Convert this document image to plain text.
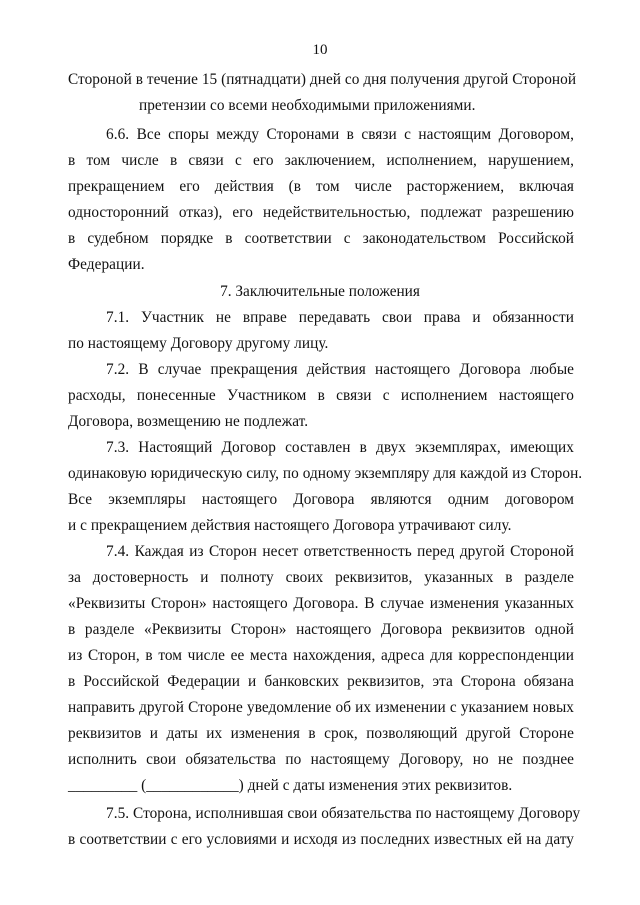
10
Стороной в течение 15 (пятнадцати) дней со дня получения другой Стороной
претензии со всеми необходимыми приложениями.
6.6. Все споры между Сторонами в связи с настоящим Договором,
в том числе в связи с его заключением, исполнением, нарушением,
прекращением его действия (в том числе расторжением, включая
односторонний отказ), его недействительностью, подлежат разрешению
в судебном порядке в соответствии с законодательством Российской
Федерации.
7. Заключительные положения
7.1. Участник не вправе передавать свои права и обязанности
по настоящему Договору другому лицу.
7.2. В случае прекращения действия настоящего Договора любые
расходы, понесенные Участником в связи с исполнением настоящего
Договора, возмещению не подлежат.
7.3. Настоящий Договор составлен в двух экземплярах, имеющих
одинаковую юридическую силу, по одному экземпляру для каждой из Сторон.
Все экземпляры настоящего Договора являются одним договором
и с прекращением действия настоящего Договора утрачивают силу.
7.4. Каждая из Сторон несет ответственность перед другой Стороной
за достоверность и полноту своих реквизитов, указанных в разделе
«Реквизиты Сторон» настоящего Договора. В случае изменения указанных
в разделе «Реквизиты Сторон» настоящего Договора реквизитов одной
из Сторон, в том числе ее места нахождения, адреса для корреспонденции
в Российской Федерации и банковских реквизитов, эта Сторона обязана
направить другой Стороне уведомление об их изменении с указанием новых
реквизитов и даты их изменения в срок, позволяющий другой Стороне
исполнить свои обязательства по настоящему Договору, но не позднее
_________ (____________) дней с даты изменения этих реквизитов.
7.5. Сторона, исполнившая свои обязательства по настоящему Договору
в соответствии с его условиями и исходя из последних известных ей на дату
